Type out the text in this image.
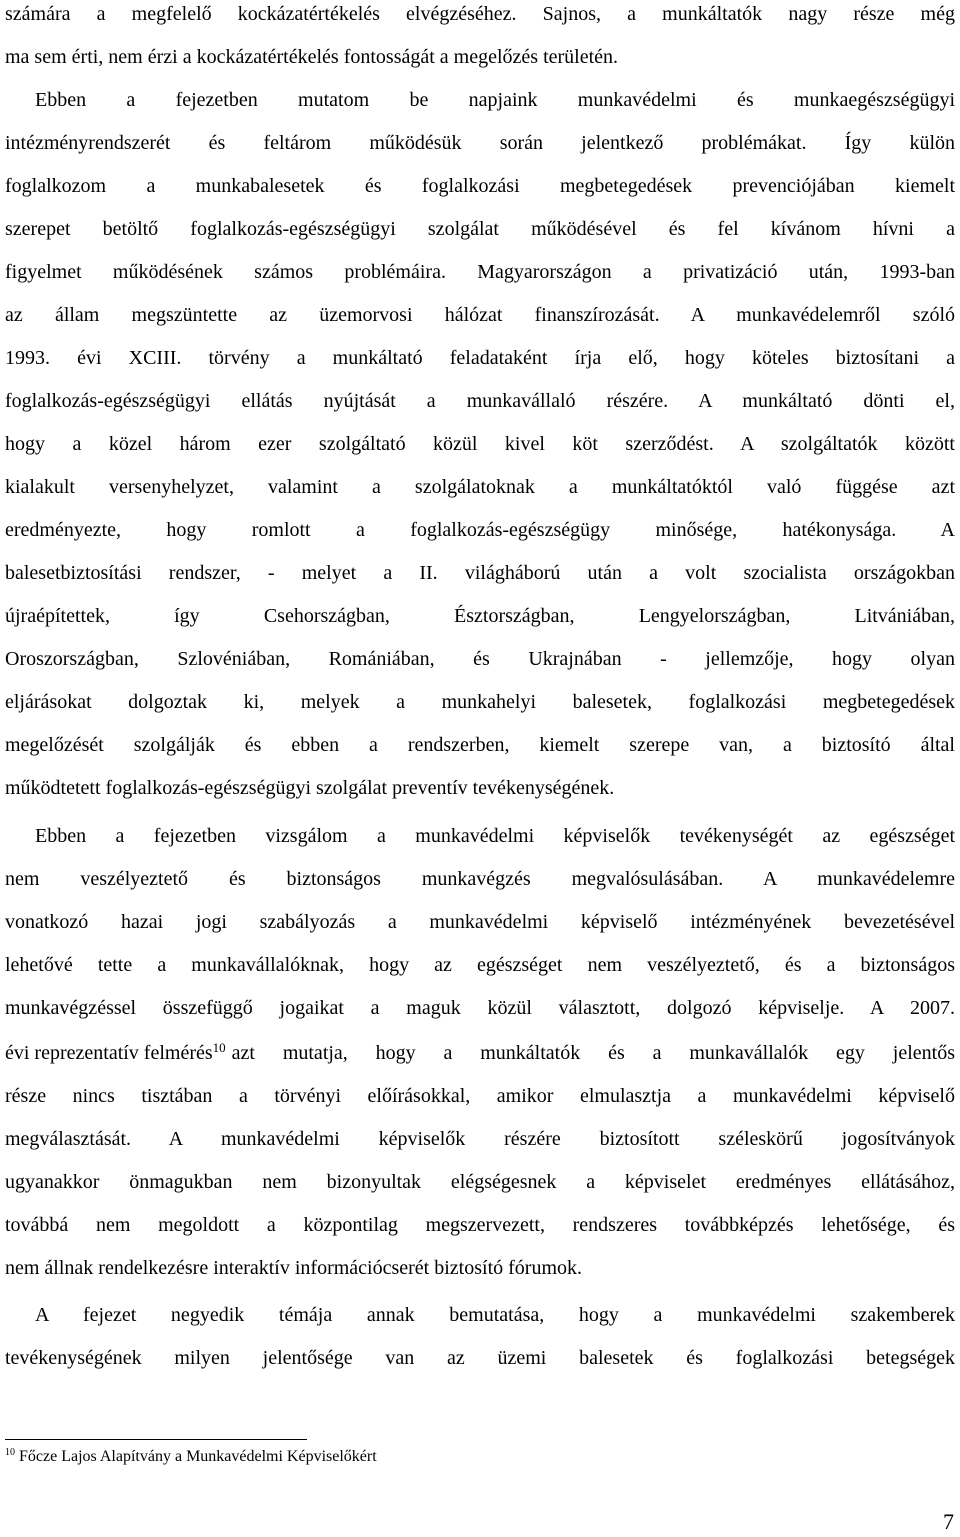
számára a megfelelő kockázatértékelés elvégzéséhez. Sajnos, a munkáltatók nagy része még
ma sem érti, nem érzi a kockázatértékelés fontosságát a megelőzés területén.
Ebben a fejezetben mutatom be napjaink munkavédelmi és munkaegészségügyi
intézményrendszerét és feltárom működésük során jelentkező problémákat. Így külön
foglalkozom a munkabalesetek és foglalkozási megbetegedések prevenciójában kiemelt
szerepet betöltő foglalkozás-egészségügyi szolgálat működésével és fel kívánom hívni a
figyelmet működésének számos problémáira. Magyarországon a privatizáció után, 1993-ban
az állam megszüntette az üzemorvosi hálózat finanszírozását. A munkavédelemről szóló
1993. évi XCIII. törvény a munkáltató feladataként írja elő, hogy köteles biztosítani a
foglalkozás-egészségügyi ellátás nyújtását a munkavállaló részére. A munkáltató dönti el,
hogy a közel három ezer szolgáltató közül kivel köt szerződést. A szolgáltatók között
kialakult versenyhelyzet, valamint a szolgálatoknak a munkáltatóktól való függése azt
eredményezte, hogy romlott a foglalkozás-egészségügy minősége, hatékonysága. A
balesetbiztosítási rendszer, - melyet a II. világháború után a volt szocialista országokban
újraépítettek, így Csehországban, Észtországban, Lengyelországban, Litvániában,
Oroszországban, Szlovéniában, Romániában, és Ukrajnában - jellemzője, hogy olyan
eljárásokat dolgoztak ki, melyek a munkahelyi balesetek, foglalkozási megbetegedések
megelőzését szolgálják és ebben a rendszerben, kiemelt szerepe van, a biztosító által
működtetett foglalkozás-egészségügyi szolgálat preventív tevékenységének.
Ebben a fejezetben vizsgálom a munkavédelmi képviselők tevékenységét az egészséget
nem veszélyeztető és biztonságos munkavégzés megvalósulásában. A munkavédelemre
vonatkozó hazai jogi szabályozás a munkavédelmi képviselő intézményének bevezetésével
lehetővé tette a munkavállalóknak, hogy az egészséget nem veszélyeztető, és a biztonságos
munkavégzéssel összefüggő jogaikat a maguk közül választott, dolgozó képviselje. A 2007.
évi reprezentatív felmérés$^{10}$ azt mutatja, hogy a munkáltatók és a munkavállalók egy jelentős
része nincs tisztában a törvényi előírásokkal, amikor elmulasztja a munkavédelmi képviselő
megválasztását. A munkavédelmi képviselők részére biztosított széleskörű jogosítványok
ugyanakkor önmagukban nem bizonyultak elégségesnek a képviselet eredményes ellátásához,
továbbá nem megoldott a központilag megszervezett, rendszeres továbbképzés lehetősége, és
nem állnak rendelkezésre interaktív információcserét biztosító fórumok.
A fejezet negyedik témája annak bemutatása, hogy a munkavédelmi szakemberek
tevékenységének milyen jelentősége van az üzemi balesetek és foglalkozási betegségek
$^{10}$ Főcze Lajos Alapítvány a Munkavédelmi Képviselőkért
7
